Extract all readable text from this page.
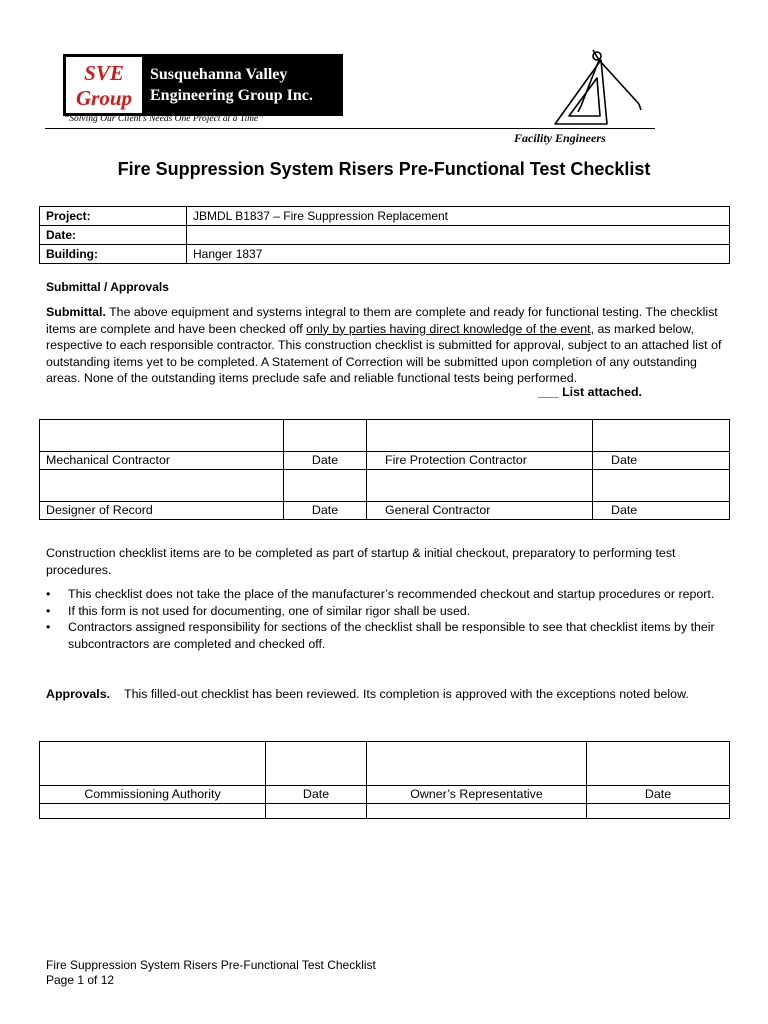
SVE
Group
Susquehanna Valley
Engineering Group Inc.
“Solving Our Client’s Needs One Project at a Time”
Facility Engineers
Fire Suppression System Risers Pre-Functional Test Checklist
Project:	JBMDL B1837 – Fire Suppression Replacement
Date:	
Building:	Hanger 1837
Submittal / Approvals
Submittal. The above equipment and systems integral to them are complete and ready for functional testing. The checklist items are complete and have been checked off only by parties having direct knowledge of the event, as marked below, respective to each responsible contractor. This construction checklist is submitted for approval, subject to an attached list of outstanding items yet to be completed. A Statement of Correction will be submitted upon completion of any outstanding areas. None of the outstanding items preclude safe and reliable functional tests being performed.
___ List attached.

Mechanical Contractor	Date	Fire Protection Contractor	Date

Designer of Record	Date	General Contractor	Date
Construction checklist items are to be completed as part of startup & initial checkout, preparatory to performing test procedures.
• This checklist does not take the place of the manufacturer’s recommended checkout and startup procedures or report.
• If this form is not used for documenting, one of similar rigor shall be used.
• Contractors assigned responsibility for sections of the checklist shall be responsible to see that checklist items by their subcontractors are completed and checked off.
Approvals. This filled-out checklist has been reviewed. Its completion is approved with the exceptions noted below.

Commissioning Authority	Date	Owner’s Representative	Date

Fire Suppression System Risers Pre-Functional Test Checklist
Page 1 of 12
